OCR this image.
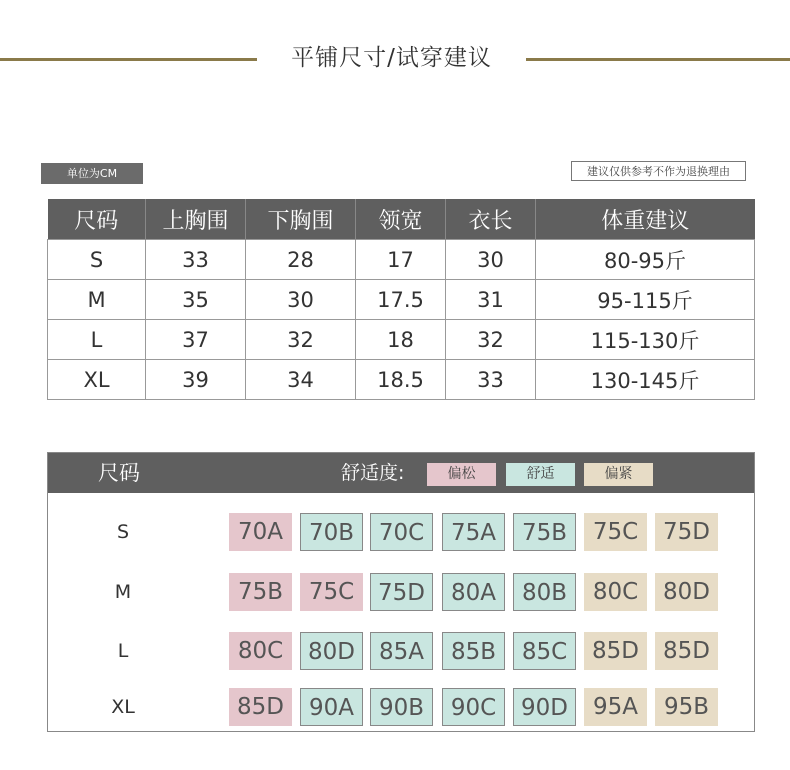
平铺尺寸/试穿建议
单位为CM	建议仅供参考不作为退换理由
尺码	上胸围	下胸围	领宽	衣长	体重建议
S	33	28	17	30	80-95斤
M	35	30	17.5	31	95-115斤
L	37	32	18	32	115-130斤
XL	39	34	18.5	33	130-145斤
尺码	舒适度:	偏松	舒适	偏紧
S	70A	70B	70C	75A	75B	75C	75D
M	75B	75C	75D	80A	80B	80C	80D
L	80C	80D	85A	85B	85C	85D	85D
XL	85D	90A	90B	90C	90D	95A	95B
